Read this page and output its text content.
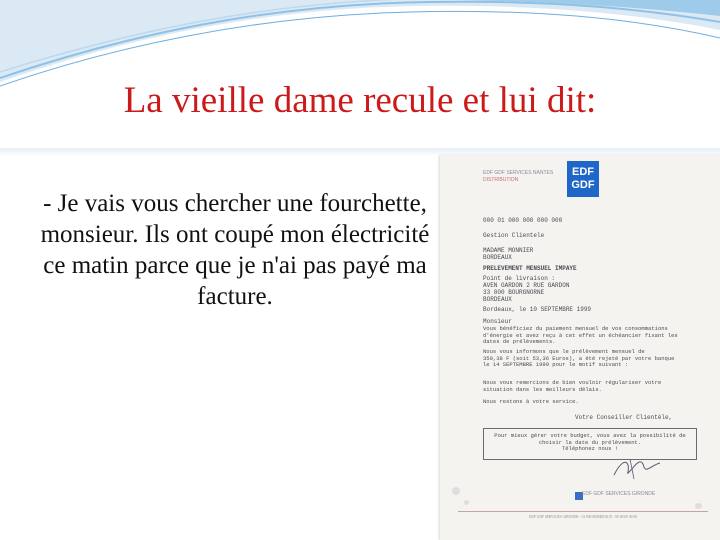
La vieille dame recule et lui dit:
- Je vais vous chercher une fourchette, monsieur. Ils ont coupé mon électricité ce matin parce que je n'ai pas payé ma facture.
EDF GDF SERVICES NANTES
DISTRIBUTION
EDF
GDF
000 01 000 000 000 000
Gestion Clientele
MADAME MONNIER
BORDEAUX
PRELEVEMENT MENSUEL IMPAYE
Point de livraison :
AVEN GARDON 2 RUE GARDON
33 000 BOURGNORNE
BORDEAUX
Bordeaux, le 10 SEPTEMBRE 1999
Monsieur
Vous bénéficiez du paiement mensuel de vos consommations
d'énergie et avez reçu à cet effet un échéancier fixant les
dates de prélèvements.
Nous vous informons que le prélèvement mensuel de
350,38 F (soit 53,36 Euros), a été rejeté par votre banque
le 14 SEPTEMBRE 1999 pour le motif suivant :
Nous vous remercions de bien vouloir régulariser votre
situation dans les meilleurs délais.
Nous restons à votre service.
Votre Conseiller Clientèle,
Pour mieux gérer votre budget, vous avez la possibilité de
choisir la date du prélèvement.
Téléphonez nous !
EDF GDF SERVICES GIRONDE
EDF GDF SERVICES GIRONDE - 33 000 BORDEAUX - 00 00 00 00 00
